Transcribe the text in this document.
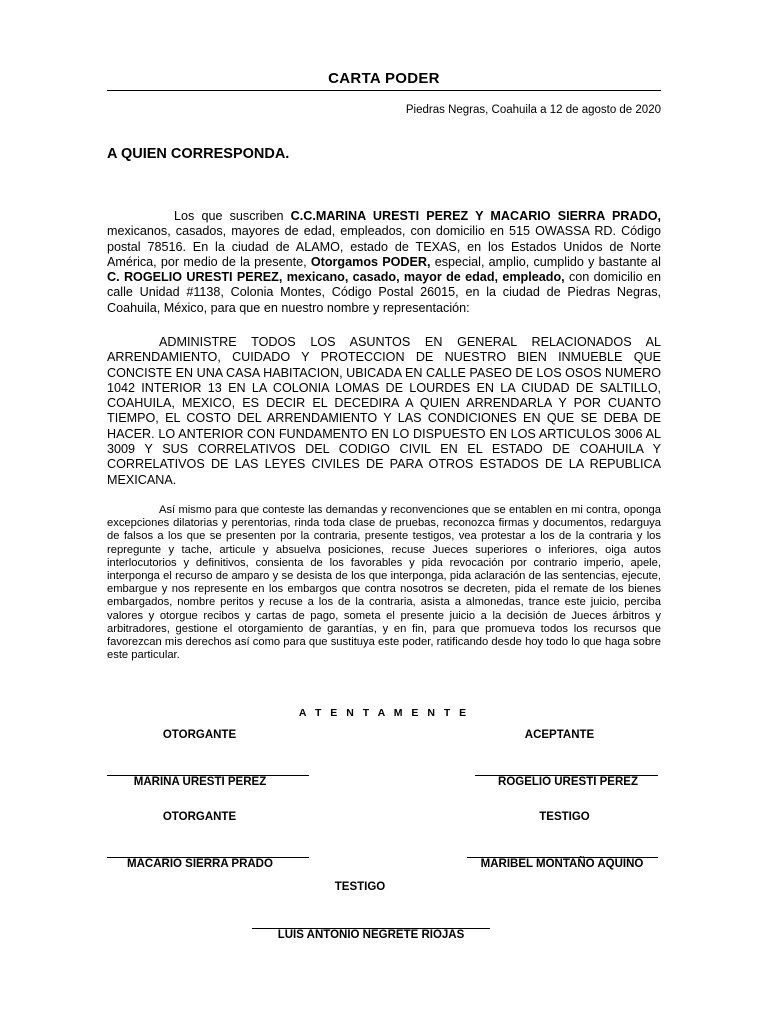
CARTA PODER
Piedras Negras, Coahuila a 12 de agosto de 2020
A QUIEN CORRESPONDA.
Los que suscriben C.C.MARINA URESTI PEREZ Y MACARIO SIERRA PRADO, mexicanos, casados, mayores de edad, empleados, con domicilio en 515 OWASSA RD. Código postal 78516. En la ciudad de ALAMO, estado de TEXAS, en los Estados Unidos de Norte América, por medio de la presente, Otorgamos PODER, especial, amplio, cumplido y bastante al C. ROGELIO URESTI PEREZ, mexicano, casado, mayor de edad, empleado, con domicilio en calle Unidad #1138, Colonia Montes, Código Postal 26015, en la ciudad de Piedras Negras, Coahuila, México, para que en nuestro nombre y representación:
ADMINISTRE TODOS LOS ASUNTOS EN GENERAL RELACIONADOS AL ARRENDAMIENTO, CUIDADO Y PROTECCION DE NUESTRO BIEN INMUEBLE QUE CONCISTE EN UNA CASA HABITACION, UBICADA EN CALLE PASEO DE LOS OSOS NUMERO 1042 INTERIOR 13 EN LA COLONIA LOMAS DE LOURDES EN LA CIUDAD DE SALTILLO, COAHUILA, MEXICO, ES DECIR EL DECEDIRA A QUIEN ARRENDARLA Y POR CUANTO TIEMPO, EL COSTO DEL ARRENDAMIENTO Y LAS CONDICIONES EN QUE SE DEBA DE HACER. LO ANTERIOR CON FUNDAMENTO EN LO DISPUESTO EN LOS ARTICULOS 3006 AL 3009 Y SUS CORRELATIVOS DEL CODIGO CIVIL EN EL ESTADO DE COAHUILA Y CORRELATIVOS DE LAS LEYES CIVILES DE PARA OTROS ESTADOS DE LA REPUBLICA MEXICANA.
Así mismo para que conteste las demandas y reconvenciones que se entablen en mi contra, oponga excepciones dilatorias y perentorias, rinda toda clase de pruebas, reconozca firmas y documentos, redarguya de falsos a los que se presenten por la contraria, presente testigos, vea protestar a los de la contraria y los repregunte y tache, articule y absuelva posiciones, recuse Jueces superiores o inferiores, oiga autos interlocutorios y definitivos, consienta de los favorables y pida revocación por contrario imperio, apele, interponga el recurso de amparo y se desista de los que interponga, pida aclaración de las sentencias, ejecute, embargue y nos represente en los embargos que contra nosotros se decreten, pida el remate de los bienes embargados, nombre peritos y recuse a los de la contraria, asista a almonedas, trance este juicio, perciba valores y otorgue recibos y cartas de pago, someta el presente juicio a la decisión de Jueces árbitros y arbitradores, gestione el otorgamiento de garantías, y en fin, para que promueva todos los recursos que favorezcan mis derechos así como para que sustituya este poder, ratificando desde hoy todo lo que haga sobre este particular.
A T E N T A M E N T E
OTORGANTE	ACEPTANTE
MARINA URESTI PEREZ	ROGELIO URESTI PEREZ
OTORGANTE	TESTIGO
MACARIO SIERRA PRADO	MARIBEL MONTAÑO AQUINO
TESTIGO
LUIS ANTONIO NEGRETE RIOJAS
